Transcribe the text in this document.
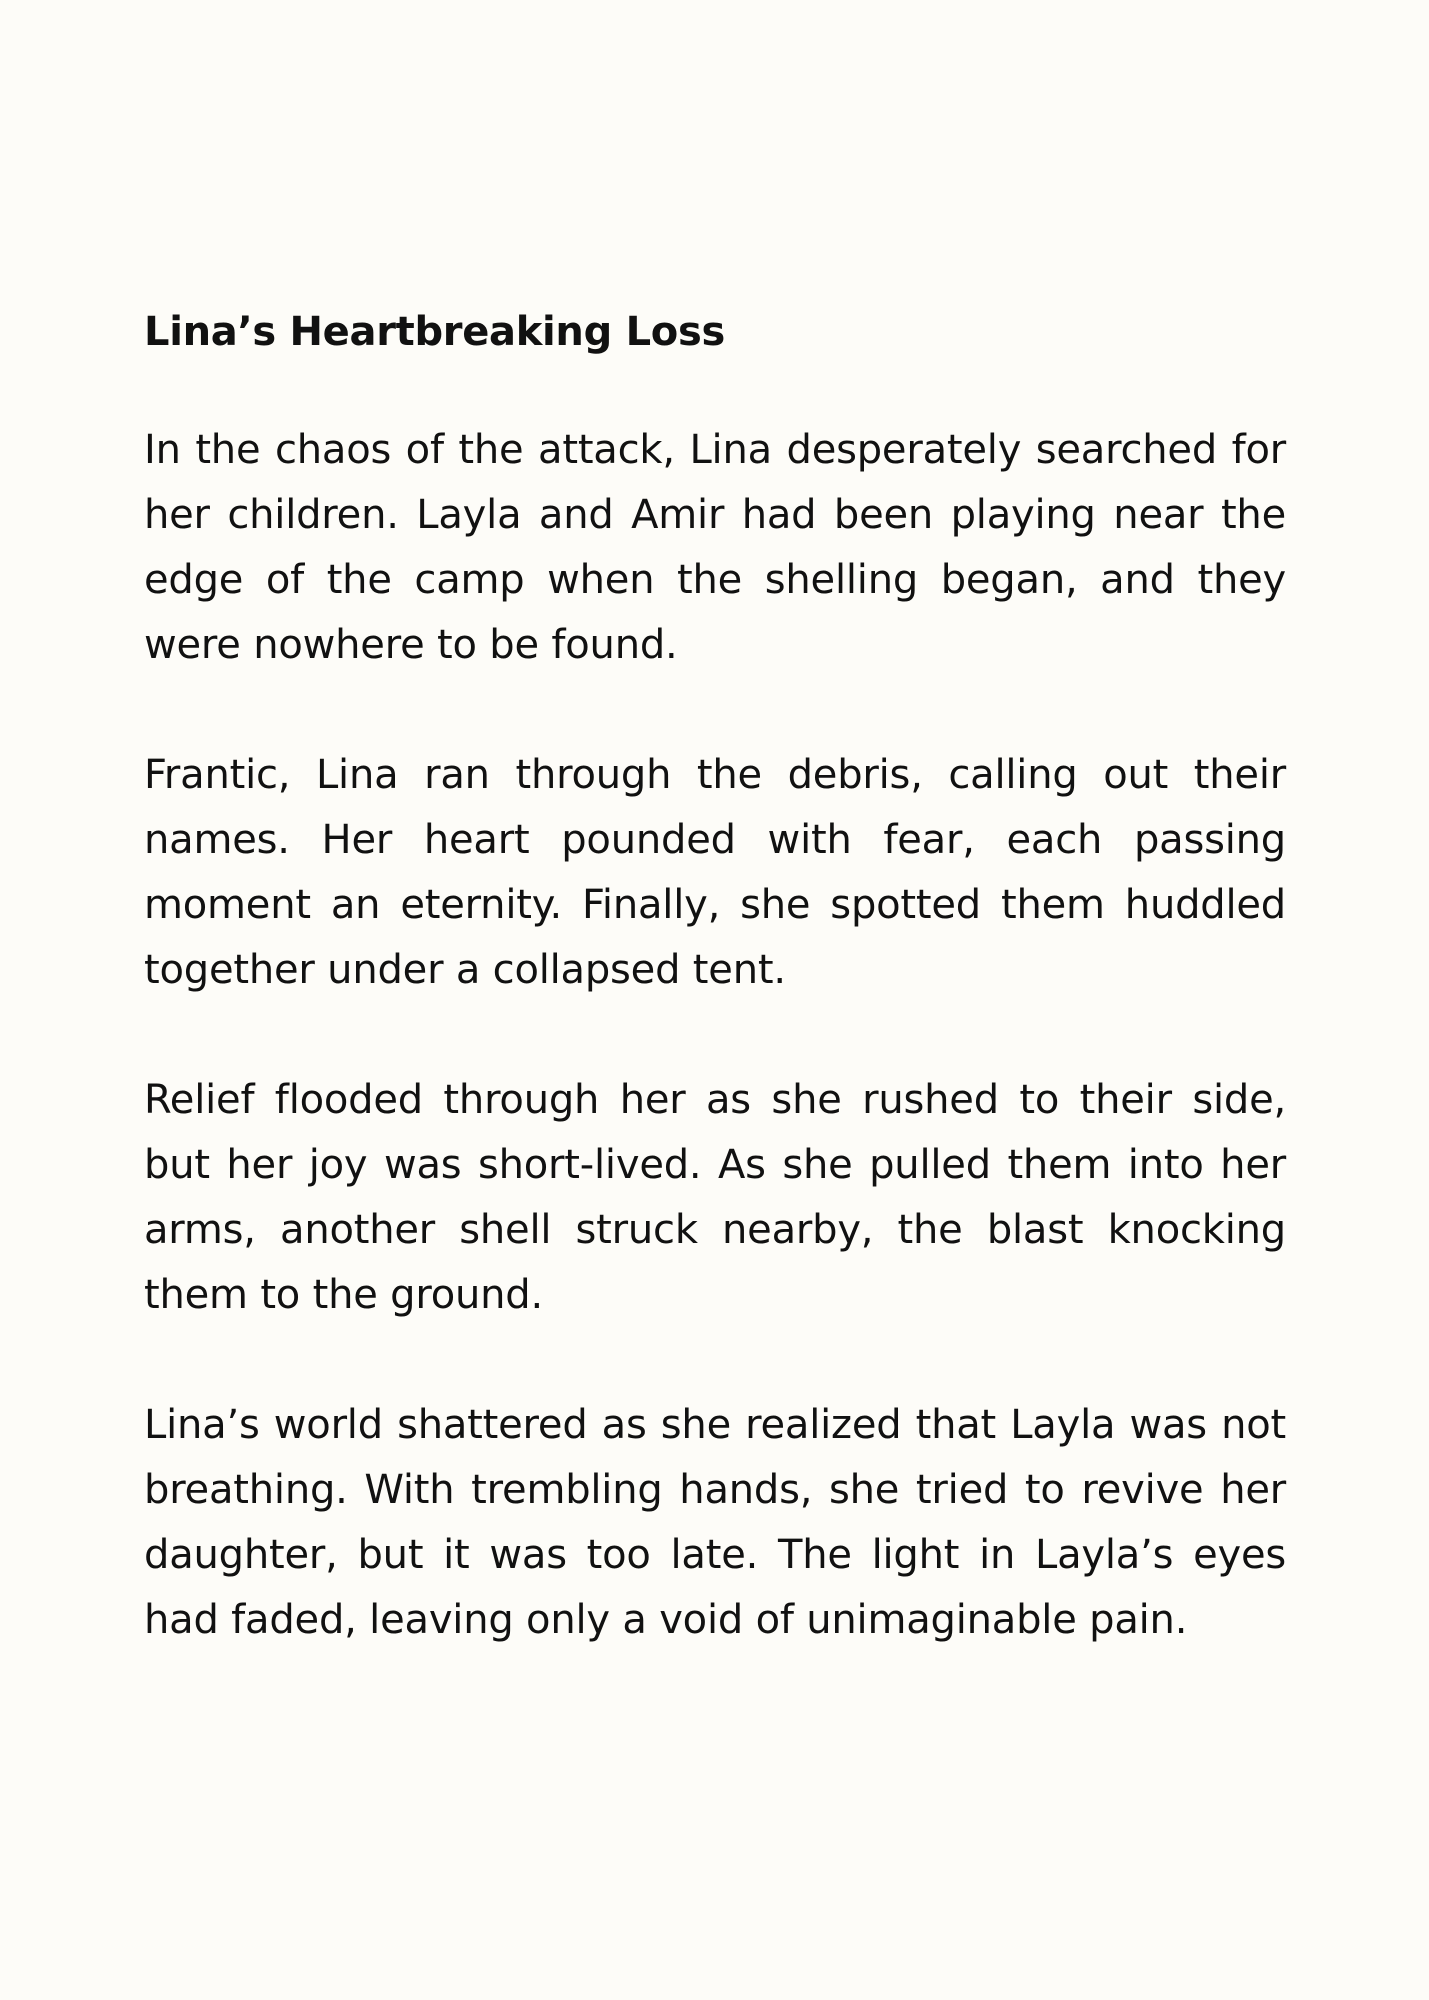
Lina’s Heartbreaking Loss

In the chaos of the attack, Lina desperately searched for her children. Layla and Amir had been playing near the edge of the camp when the shelling began, and they were nowhere to be found.

Frantic, Lina ran through the debris, calling out their names. Her heart pounded with fear, each passing moment an eternity. Finally, she spotted them huddled together under a collapsed tent.

Relief flooded through her as she rushed to their side, but her joy was short-lived. As she pulled them into her arms, another shell struck nearby, the blast knocking them to the ground.

Lina’s world shattered as she realized that Layla was not breathing. With trembling hands, she tried to revive her daughter, but it was too late. The light in Layla’s eyes had faded, leaving only a void of unimaginable pain.
